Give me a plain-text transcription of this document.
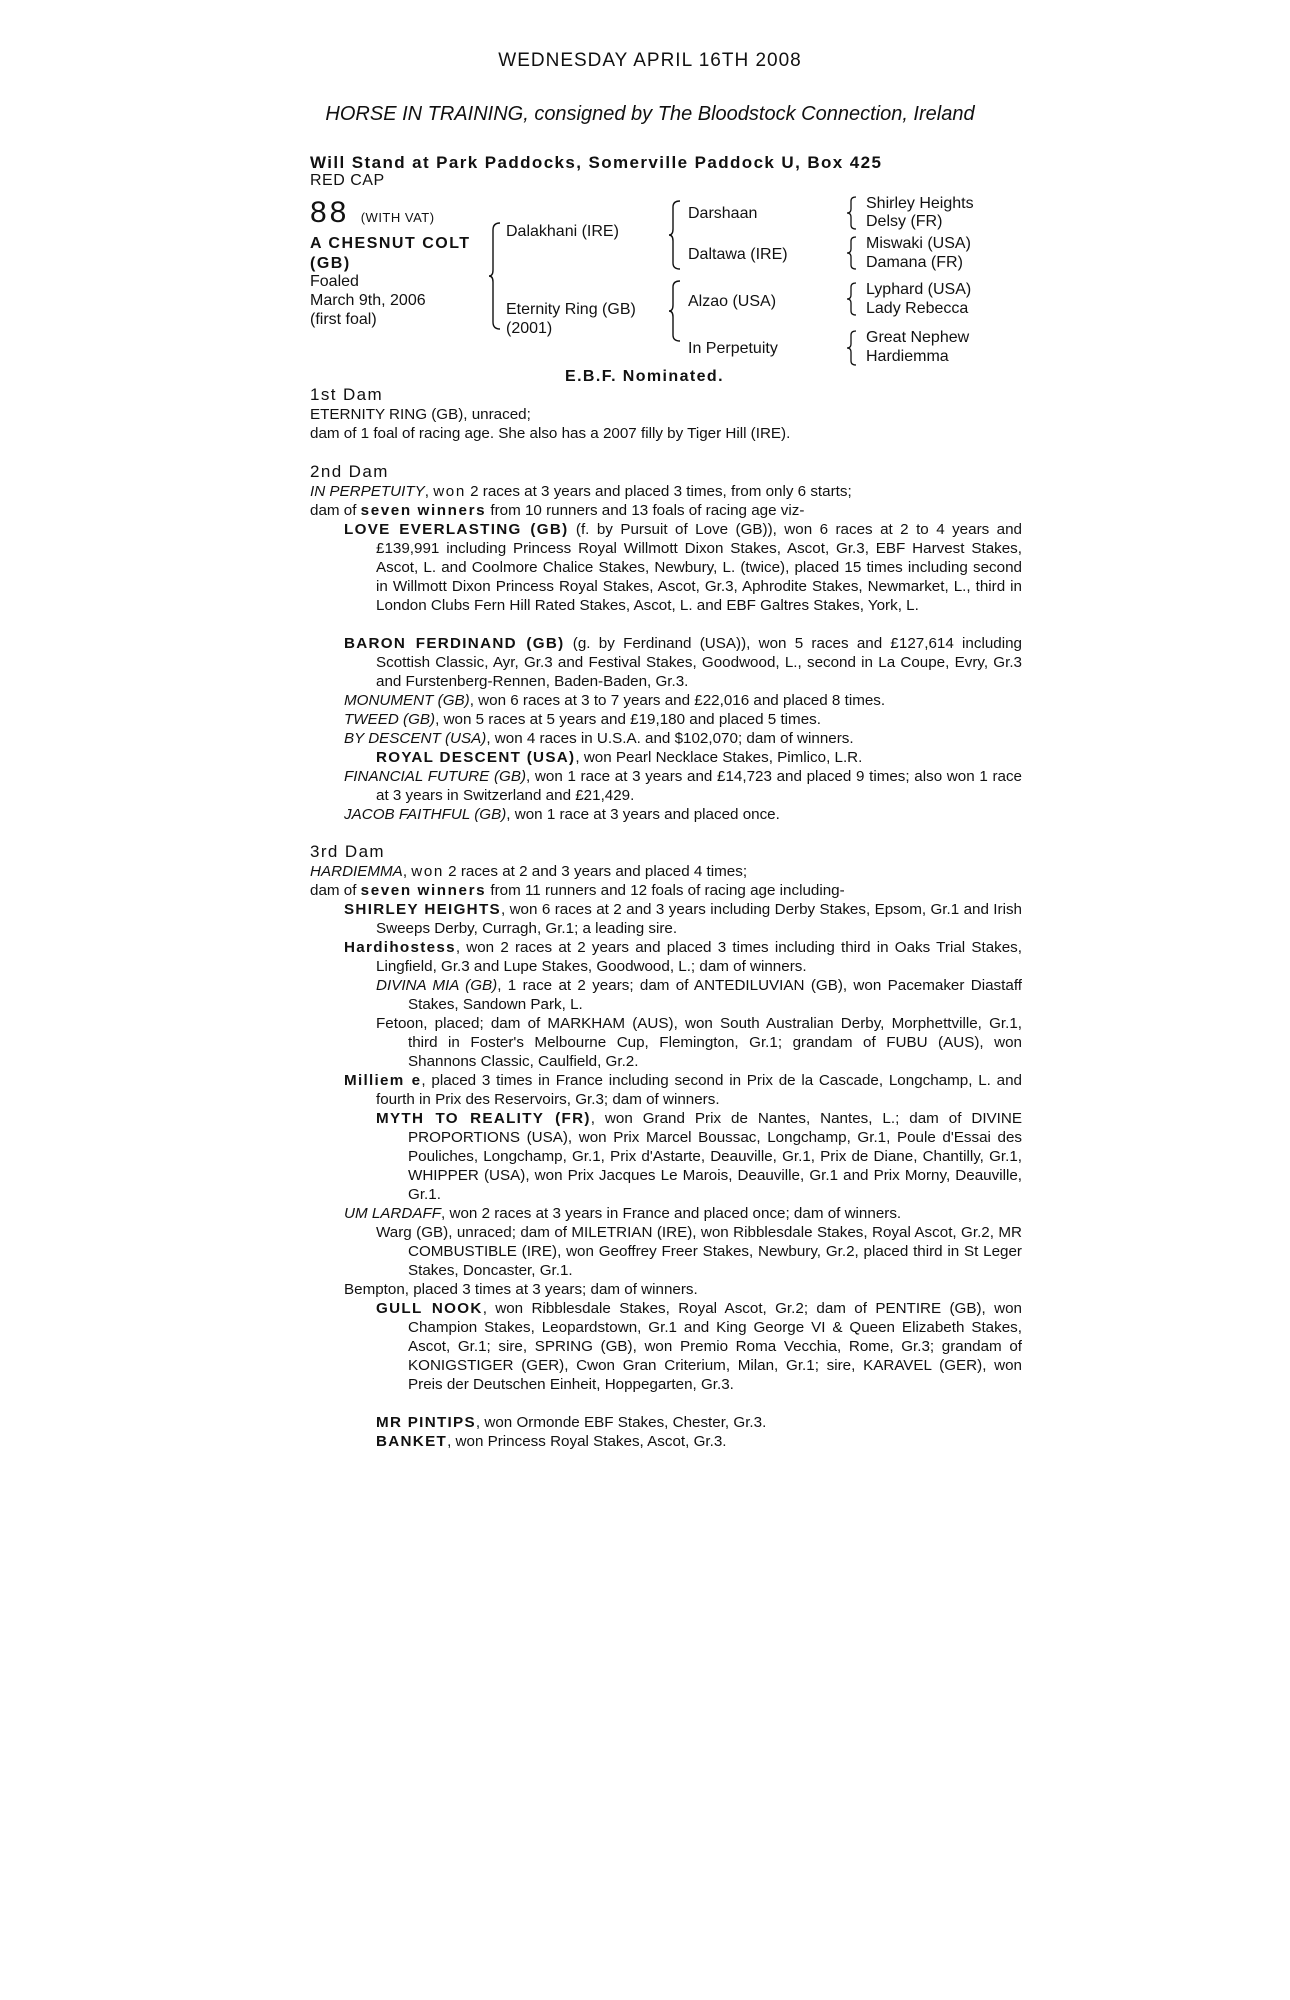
WEDNESDAY APRIL 16TH 2008
HORSE IN TRAINING, consigned by The Bloodstock Connection, Ireland
Will Stand at Park Paddocks, Somerville Paddock U, Box 425
RED CAP
88 (WITH VAT)
A CHESNUT COLT (GB)
Foaled
March 9th, 2006
(first foal)
Dalakhani (IRE)
Eternity Ring (GB)
(2001)
Darshaan
Daltawa (IRE)
Alzao (USA)
In Perpetuity
Shirley Heights
Delsy (FR)
Miswaki (USA)
Damana (FR)
Lyphard (USA)
Lady Rebecca
Great Nephew
Hardiemma
E.B.F. Nominated.
1st Dam
ETERNITY RING (GB), unraced;
dam of 1 foal of racing age. She also has a 2007 filly by Tiger Hill (IRE).
2nd Dam
IN PERPETUITY, won 2 races at 3 years and placed 3 times, from only 6 starts;
dam of seven winners from 10 runners and 13 foals of racing age viz-
LOVE EVERLASTING (GB) (f. by Pursuit of Love (GB)), won 6 races at 2 to 4 years and £139,991 including Princess Royal Willmott Dixon Stakes, Ascot, Gr.3, EBF Harvest Stakes, Ascot, L. and Coolmore Chalice Stakes, Newbury, L. (twice), placed 15 times including second in Willmott Dixon Princess Royal Stakes, Ascot, Gr.3, Aphrodite Stakes, Newmarket, L., third in London Clubs Fern Hill Rated Stakes, Ascot, L. and EBF Galtres Stakes, York, L.
BARON FERDINAND (GB) (g. by Ferdinand (USA)), won 5 races and £127,614 including Scottish Classic, Ayr, Gr.3 and Festival Stakes, Goodwood, L., second in La Coupe, Evry, Gr.3 and Furstenberg-Rennen, Baden-Baden, Gr.3.
MONUMENT (GB), won 6 races at 3 to 7 years and £22,016 and placed 8 times.
TWEED (GB), won 5 races at 5 years and £19,180 and placed 5 times.
BY DESCENT (USA), won 4 races in U.S.A. and $102,070; dam of winners.
ROYAL DESCENT (USA), won Pearl Necklace Stakes, Pimlico, L.R.
FINANCIAL FUTURE (GB), won 1 race at 3 years and £14,723 and placed 9 times; also won 1 race at 3 years in Switzerland and £21,429.
JACOB FAITHFUL (GB), won 1 race at 3 years and placed once.
3rd Dam
HARDIEMMA, won 2 races at 2 and 3 years and placed 4 times;
dam of seven winners from 11 runners and 12 foals of racing age including-
SHIRLEY HEIGHTS, won 6 races at 2 and 3 years including Derby Stakes, Epsom, Gr.1 and Irish Sweeps Derby, Curragh, Gr.1; a leading sire.
Hardihostess, won 2 races at 2 years and placed 3 times including third in Oaks Trial Stakes, Lingfield, Gr.3 and Lupe Stakes, Goodwood, L.; dam of winners.
DIVINA MIA (GB), 1 race at 2 years; dam of ANTEDILUVIAN (GB), won Pacemaker Diastaff Stakes, Sandown Park, L.
Fetoon, placed; dam of MARKHAM (AUS), won South Australian Derby, Morphettville, Gr.1, third in Foster's Melbourne Cup, Flemington, Gr.1; grandam of FUBU (AUS), won Shannons Classic, Caulfield, Gr.2.
Milliem e, placed 3 times in France including second in Prix de la Cascade, Longchamp, L. and fourth in Prix des Reservoirs, Gr.3; dam of winners.
MYTH TO REALITY (FR), won Grand Prix de Nantes, Nantes, L.; dam of DIVINE PROPORTIONS (USA), won Prix Marcel Boussac, Longchamp, Gr.1, Poule d'Essai des Pouliches, Longchamp, Gr.1, Prix d'Astarte, Deauville, Gr.1, Prix de Diane, Chantilly, Gr.1, WHIPPER (USA), won Prix Jacques Le Marois, Deauville, Gr.1 and Prix Morny, Deauville, Gr.1.
UM LARDAFF, won 2 races at 3 years in France and placed once; dam of winners.
Warg (GB), unraced; dam of MILETRIAN (IRE), won Ribblesdale Stakes, Royal Ascot, Gr.2, MR COMBUSTIBLE (IRE), won Geoffrey Freer Stakes, Newbury, Gr.2, placed third in St Leger Stakes, Doncaster, Gr.1.
Bempton, placed 3 times at 3 years; dam of winners.
GULL NOOK, won Ribblesdale Stakes, Royal Ascot, Gr.2; dam of PENTIRE (GB), won Champion Stakes, Leopardstown, Gr.1 and King George VI & Queen Elizabeth Stakes, Ascot, Gr.1; sire, SPRING (GB), won Premio Roma Vecchia, Rome, Gr.3; grandam of KONIGSTIGER (GER), Cwon Gran Criterium, Milan, Gr.1; sire, KARAVEL (GER), won Preis der Deutschen Einheit, Hoppegarten, Gr.3.
MR PINTIPS, won Ormonde EBF Stakes, Chester, Gr.3.
BANKET, won Princess Royal Stakes, Ascot, Gr.3.
